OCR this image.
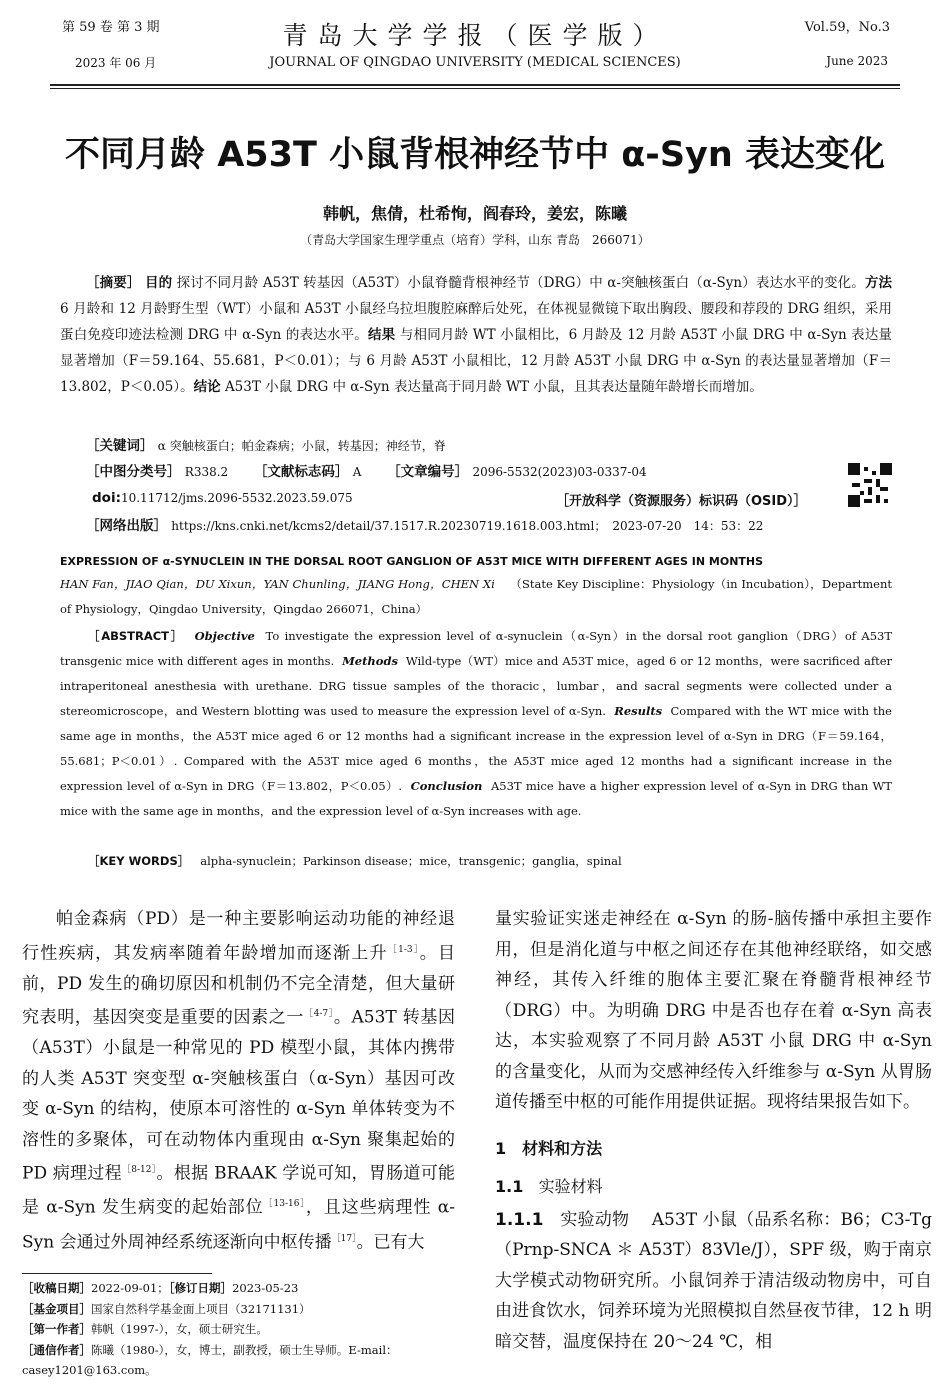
第 59 卷 第 3 期
2023 年 06 月
青岛大学学报（医学版）
JOURNAL OF QINGDAO UNIVERSITY (MEDICAL SCIENCES)
Vol.59，No.3
June 2023
不同月龄 A53T 小鼠背根神经节中 α-Syn 表达变化
韩帆，焦倩，杜希恂，阎春玲，姜宏，陈曦
（青岛大学国家生理学重点（培育）学科，山东 青岛　266071）
［摘要］ 目的 探讨不同月龄 A53T 转基因（A53T）小鼠脊髓背根神经节（DRG）中 α-突触核蛋白（α-Syn）表达水平的变化。方法 6 月龄和 12 月龄野生型（WT）小鼠和 A53T 小鼠经乌拉坦腹腔麻醉后处死，在体视显微镜下取出胸段、腰段和荐段的 DRG 组织，采用蛋白免疫印迹法检测 DRG 中 α-Syn 的表达水平。结果 与相同月龄 WT 小鼠相比，6 月龄及 12 月龄 A53T 小鼠 DRG 中 α-Syn 表达量显著增加（F＝59.164、55.681，P＜0.01）；与 6 月龄 A53T 小鼠相比，12 月龄 A53T 小鼠 DRG 中 α-Syn 的表达量显著增加（F＝13.802，P＜0.05）。结论 A53T 小鼠 DRG 中 α-Syn 表达量高于同月龄 WT 小鼠，且其表达量随年龄增长而增加。
［关键词］ α 突触核蛋白；帕金森病；小鼠，转基因；神经节，脊
［中图分类号］ R338.2 ［文献标志码］ A ［文章编号］ 2096-5532(2023)03-0337-04
doi:10.11712/jms.2096-5532.2023.59.075	［开放科学（资源服务）标识码（OSID）］
［网络出版］ https://kns.cnki.net/kcms2/detail/37.1517.R.20230719.1618.003.html；　2023-07-20　14：53：22
EXPRESSION OF α-SYNUCLEIN IN THE DORSAL ROOT GANGLION OF A53T MICE WITH DIFFERENT AGES IN MONTHS
HAN Fan，JIAO Qian，DU Xixun，YAN Chunling，JIANG Hong，CHEN Xi （State Key Discipline：Physiology（in Incubation），Department of Physiology，Qingdao University，Qingdao 266071，China）
［ABSTRACT］ Objective To investigate the expression level of α-synuclein（α-Syn）in the dorsal root ganglion（DRG）of A53T transgenic mice with different ages in months. Methods Wild-type（WT）mice and A53T mice，aged 6 or 12 months，were sacrificed after intraperitoneal anesthesia with urethane. DRG tissue samples of the thoracic，lumbar，and sacral segments were collected under a stereomicroscope，and Western blotting was used to measure the expression level of α-Syn. Results Compared with the WT mice with the same age in months，the A53T mice aged 6 or 12 months had a significant increase in the expression level of α-Syn in DRG（F＝59.164，55.681；P＜0.01）. Compared with the A53T mice aged 6 months，the A53T mice aged 12 months had a significant increase in the expression level of α-Syn in DRG（F＝13.802，P＜0.05）. Conclusion A53T mice have a higher expression level of α-Syn in DRG than WT mice with the same age in months，and the expression level of α-Syn increases with age.
［KEY WORDS］ alpha-synuclein；Parkinson disease；mice，transgenic；ganglia，spinal
帕金森病（PD）是一种主要影响运动功能的神经退行性疾病，其发病率随着年龄增加而逐渐上升$^{[1-3]}$。目前，PD 发生的确切原因和机制仍不完全清楚，但大量研究表明，基因突变是重要的因素之一$^{[4-7]}$。A53T 转基因（A53T）小鼠是一种常见的 PD 模型小鼠，其体内携带的人类 A53T 突变型 α-突触核蛋白（α-Syn）基因可改变 α-Syn 的结构，使原本可溶性的 α-Syn 单体转变为不溶性的多聚体，可在动物体内重现由 α-Syn 聚集起始的 PD 病理过程$^{[8-12]}$。根据 BRAAK 学说可知，胃肠道可能是 α-Syn 发生病变的起始部位$^{[13-16]}$，且这些病理性 α-Syn 会通过外周神经系统逐渐向中枢传播$^{[17]}$。已有大
［收稿日期］2022-09-01；［修订日期］2023-05-23
［基金项目］国家自然科学基金面上项目（32171131）
［第一作者］韩帆（1997-），女，硕士研究生。
［通信作者］陈曦（1980-），女，博士，副教授，硕士生导师。E-mail：casey1201@163.com。
量实验证实迷走神经在 α-Syn 的肠-脑传播中承担主要作用，但是消化道与中枢之间还存在其他神经联络，如交感神经，其传入纤维的胞体主要汇聚在脊髓背根神经节（DRG）中。为明确 DRG 中是否也存在着 α-Syn 高表达，本实验观察了不同月龄 A53T 小鼠 DRG 中 α-Syn 的含量变化，从而为交感神经传入纤维参与 α-Syn 从胃肠道传播至中枢的可能作用提供证据。现将结果报告如下。
1　材料和方法
1.1 实验材料
1.1.1 实验动物 A53T 小鼠（品系名称：B6；C3-Tg（Prnp-SNCA ＊ A53T）83Vle/J），SPF 级，购于南京大学模式动物研究所。小鼠饲养于清洁级动物房中，可自由进食饮水，饲养环境为光照模拟自然昼夜节律，12 h 明暗交替，温度保持在 20～24 ℃，相
